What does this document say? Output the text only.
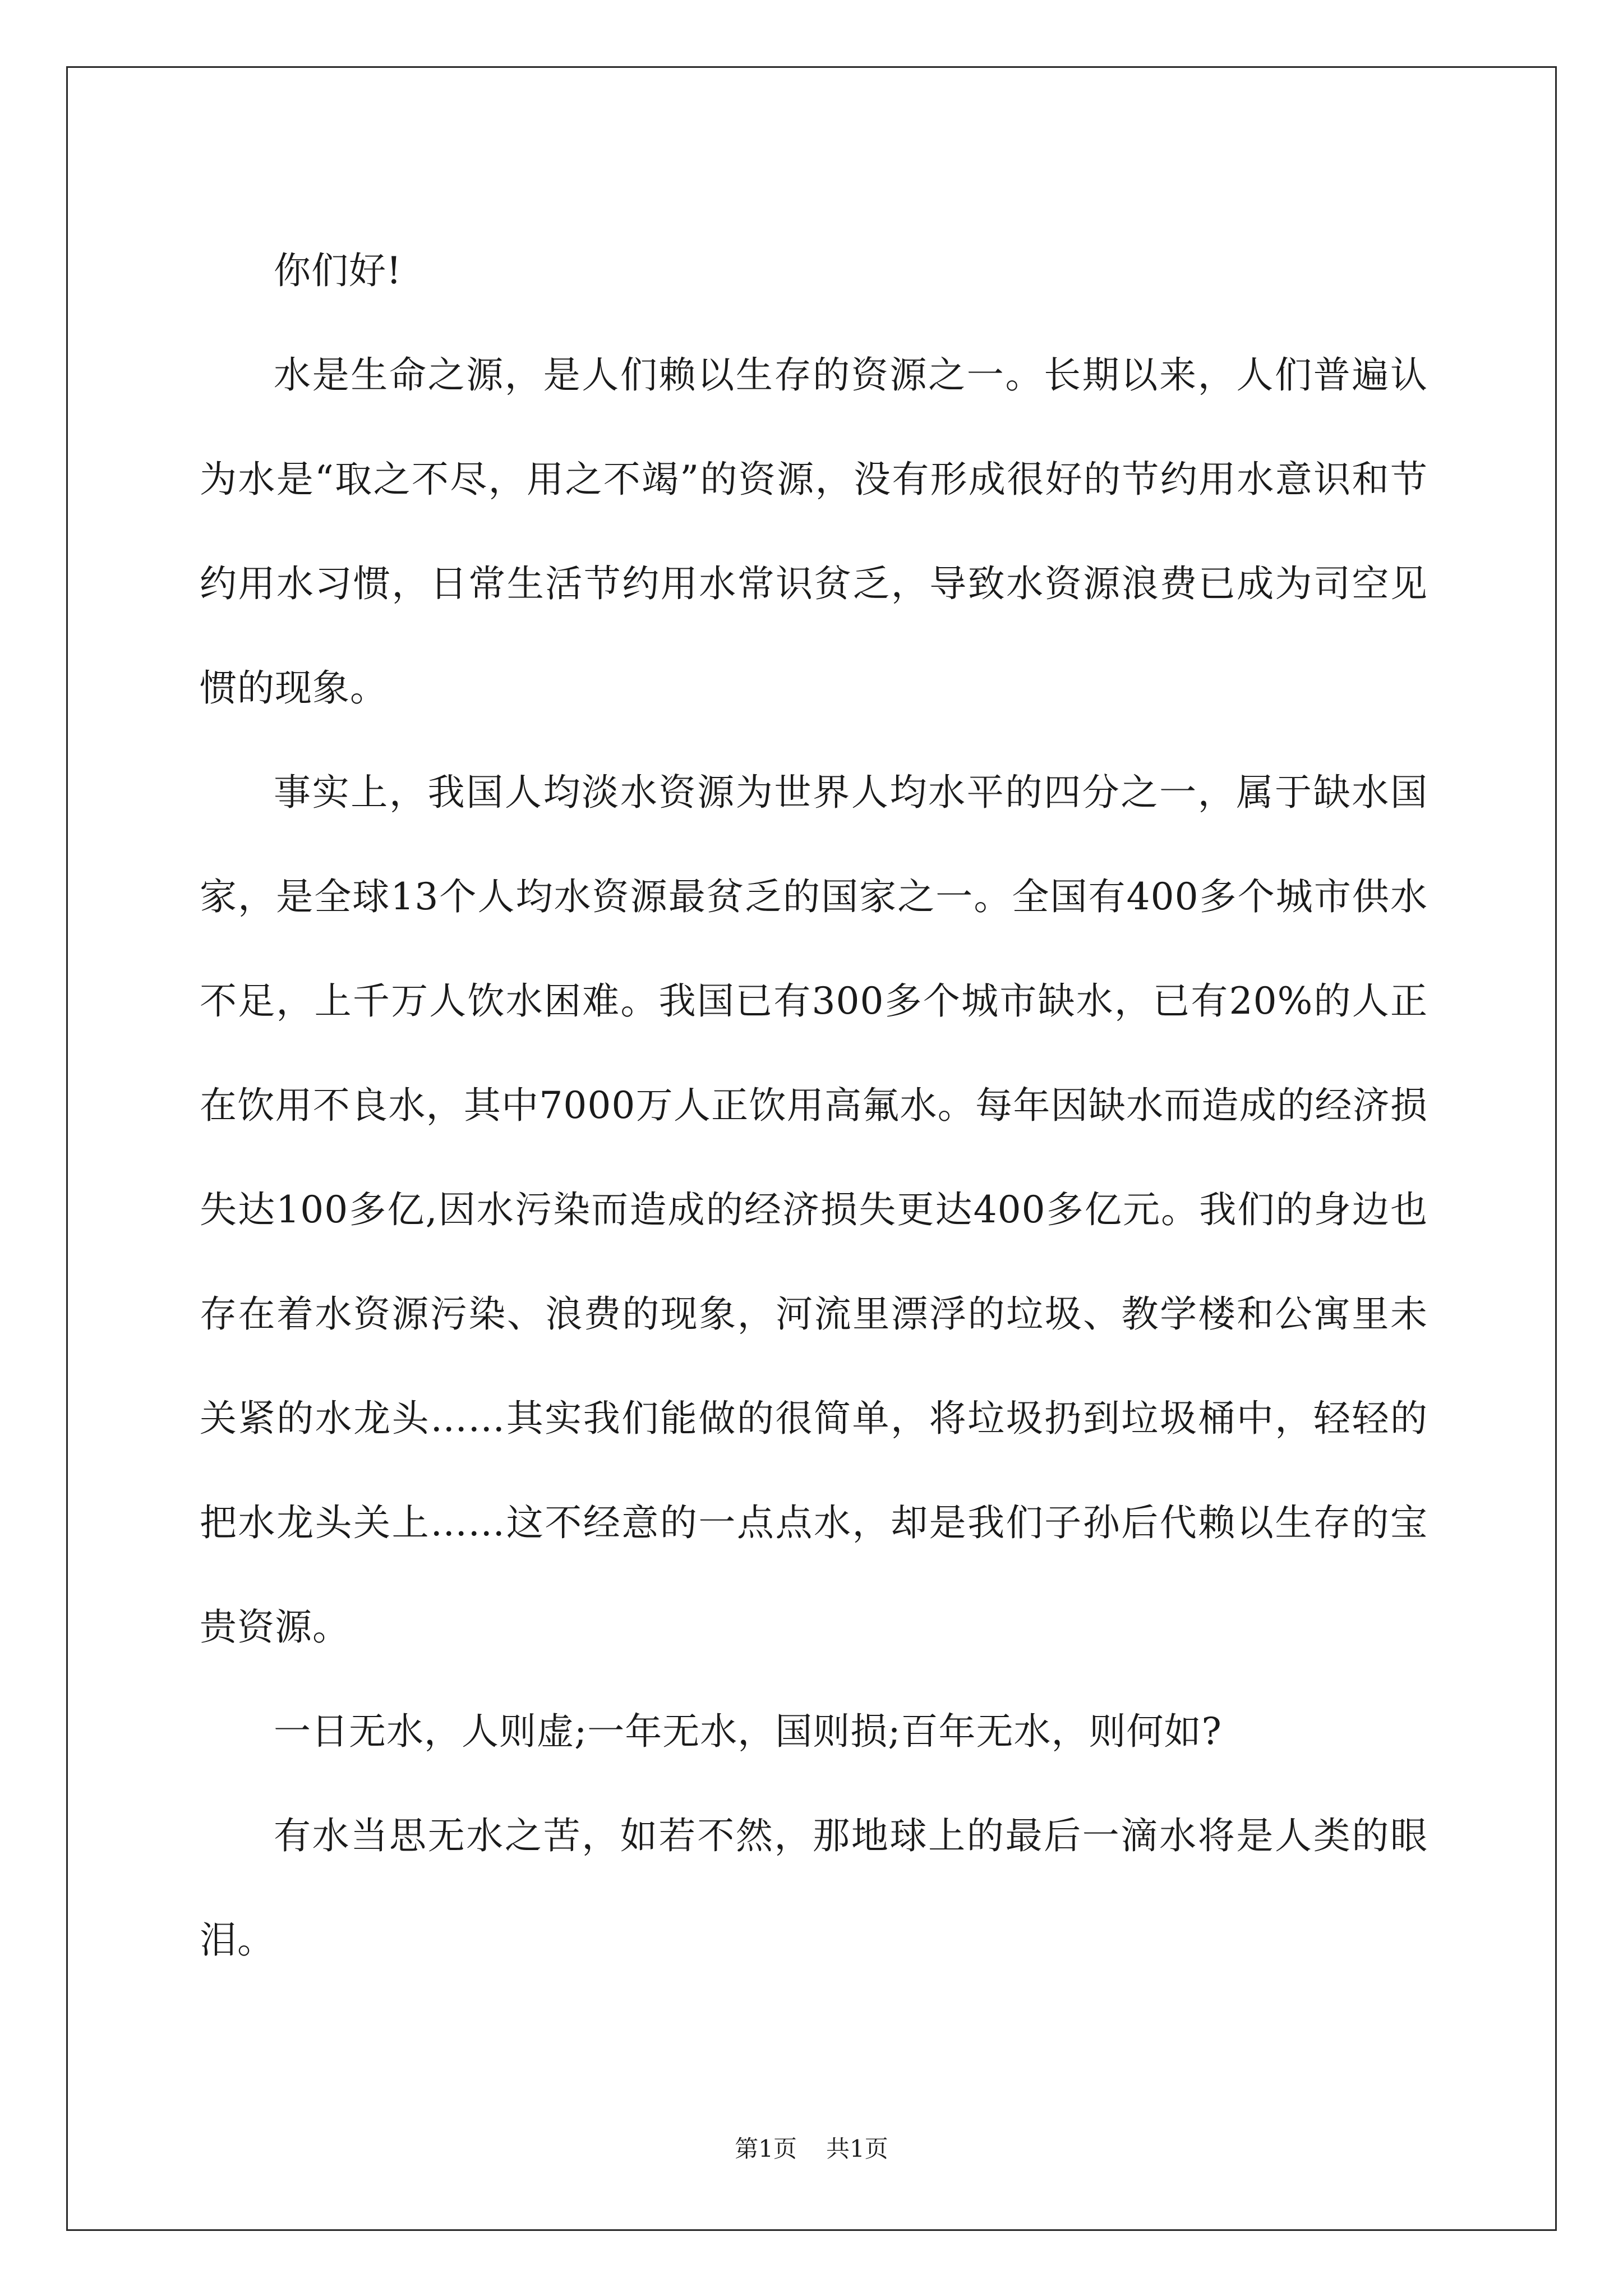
你们好!

水是生命之源，是人们赖以生存的资源之一。长期以来，人们普遍认为水是“取之不尽，用之不竭”的资源，没有形成很好的节约用水意识和节约用水习惯，日常生活节约用水常识贫乏，导致水资源浪费已成为司空见惯的现象。

事实上，我国人均淡水资源为世界人均水平的四分之一，属于缺水国家，是全球13个人均水资源最贫乏的国家之一。全国有400多个城市供水不足，上千万人饮水困难。我国已有300多个城市缺水，已有20%的人正在饮用不良水，其中7000万人正饮用高氟水。每年因缺水而造成的经济损失达100多亿,因水污染而造成的经济损失更达400多亿元。我们的身边也存在着水资源污染、浪费的现象，河流里漂浮的垃圾、教学楼和公寓里未关紧的水龙头……其实我们能做的很简单，将垃圾扔到垃圾桶中，轻轻的把水龙头关上……这不经意的一点点水，却是我们子孙后代赖以生存的宝贵资源。

一日无水，人则虚;一年无水，国则损;百年无水，则何如?

有水当思无水之苦，如若不然，那地球上的最后一滴水将是人类的眼泪。

第1页 共1页
